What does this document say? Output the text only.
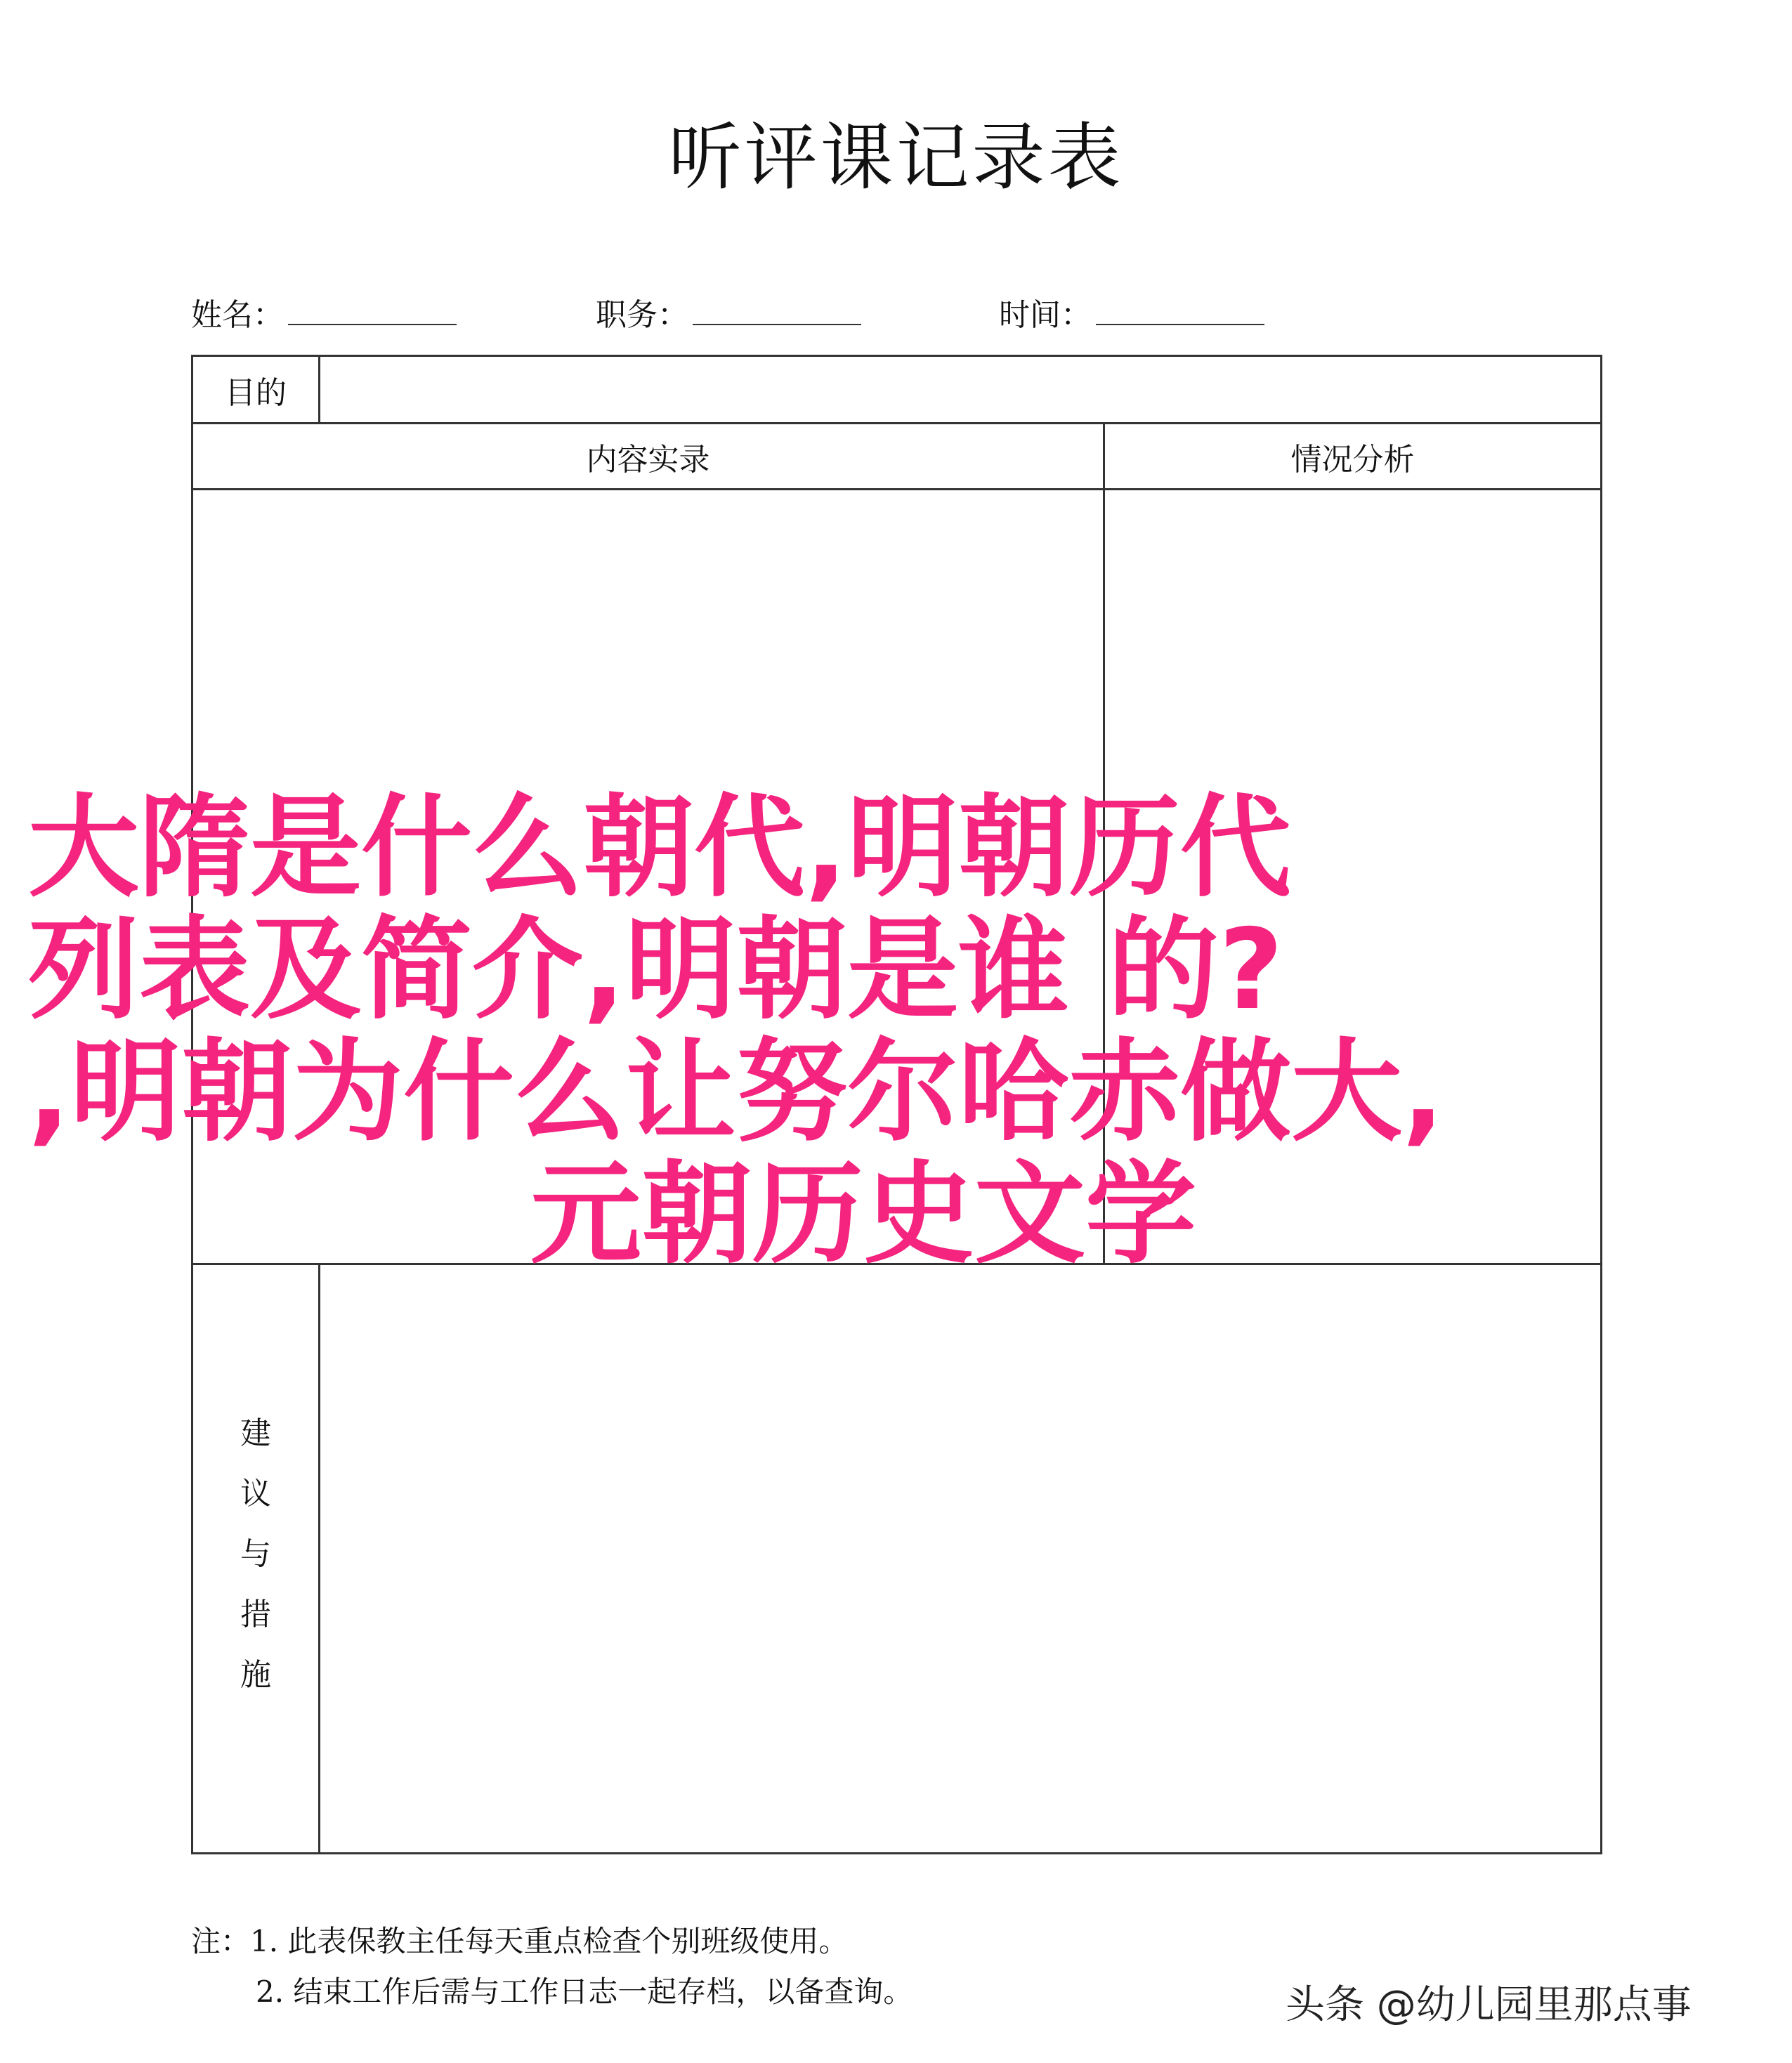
听评课记录表
姓名：	职务：	时间：
目的
内容实录	情况分析
建
议
与
措
施
大隋是什么朝代,明朝历代
列表及简介,明朝是谁 的?
,明朝为什么让努尔哈赤做大,
元朝历史文学
注：1. 此表保教主任每天重点检查个别班级使用。
2. 结束工作后需与工作日志一起存档，以备查询。	头条 @幼儿园里那点事
